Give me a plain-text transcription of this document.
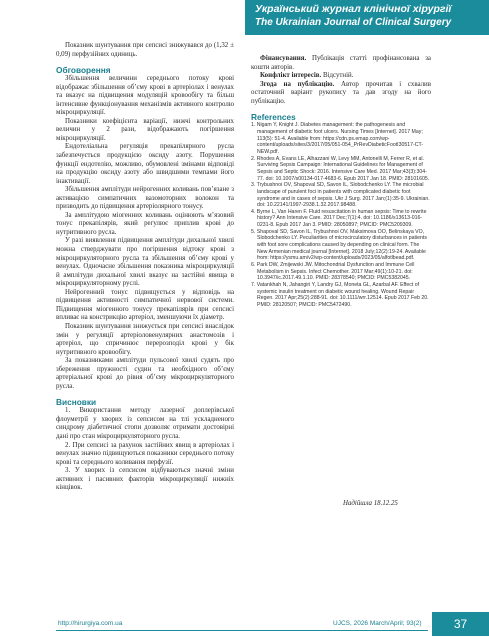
Український журнал клінічної хірургії
The Ukrainian Journal of Clinical Surgery

Показник шунтування при сепсисі знижувався до (1,32 ± 0,09) перфузійних одиниць.

Обговорення

Збільшення величини середнього потоку крові відображає збільшення об’єму крові в артеріолах і венулах та вказує на підвищення модуляцій кровообігу та більш інтенсивне функціонування механізмів активного контролю мікроциркуляції.

Показники коефіцієнта варіації, нижчі контрольних величин у 2 рази, відображають погіршення мікроциркуляції.

Ендотеліальна регуляція прекапілярного русла забезпечується продукцією оксиду азоту. Порушення функції ендотелію, можливо, обумовлені змінами відповіді на продукцію оксиду азоту або швидшими темпами його інактивації.

Збільшення амплітуди нейрогенних коливань пов’язане з активацією симпатичних вазомоторних волокон та призводить до підвищення артеріолярного тонусу.

За амплітудою міогенних коливань оцінюють м’язовий тонус прекапілярів, який регулює приплив крові до нутритивного русла.

У разі виявлення підвищення амплітуди дихальної хвилі можна стверджувати про погіршення відтоку крові з мікроциркуляторного русла та збільшення об’єму крові у венулах. Одночасне збільшення показника мікроциркуляції й амплітуди дихальної хвилі вказує на застійні явища в мікроциркуляторному руслі.

Нейрогенний тонус підвищується у відповідь на підвищення активності симпатичної нервової системи. Підвищення міогенного тонусу прекапілярів при сепсисі впливає на констрикцію артеріол, зменшуючи їх діаметр.

Показник шунтування знижується при сепсисі внаслідок змін у регуляції артеріоловенулярних анастомозів і артеріол, що спричинює перерозподіл крові у бік нутритивного кровообігу.

За показниками амплітуди пульсової хвилі судять про збереження пружності судин та необхідного об’єму артеріальної крові до рівня об’єму мікроциркуляторного русла.

Висновки

1. Використання методу лазерної доплерівської флоуметрії у хворих із сепсисом на тлі ускладненого синдрому діабетичної стопи дозволяє отримати достовірні дані про стан мікроциркуляторного русла.

2. При сепсисі за рахунок застійних явищ в артеріолах і венулах значно підвищуються показники середнього потоку крові та середнього коливання перфузії.

3. У хворих із сепсисом відбуваються значні зміни активних і пасивних факторів мікроциркуляції нижніх кінцівок.

Фінансування. Публікація статті профінансована за кошти авторів.

Конфлікт інтересів. Відсутній.

Згода на публікацію. Автор прочитав і схвалив остаточний варіант рукопису та дав згоду на його публікацію.

References
1. Nigam Y, Knight J. Diabetes management: the pathogenesis and management of diabetic foot ulcers. Nursing Times [Internet]. 2017 May; 113(5): 51-4. Available from: https://cdn.ps.emap.com/wp-content/uploads/sites/3/2017/05/051-054_PrRevDiabeticFootI30517-CT-NEW.pdf.
2. Rhodes A, Evans LE, Alhazzani W, Levy MM, Antonelli M, Ferrer R, et al. Surviving Sepsis Campaign: International Guidelines for Management of Sepsis and Septic Shock: 2016. Intensive Care Med. 2017 Mar;43(3):304-77. doi: 10.1007/s00134-017-4683-6. Epub 2017 Jan 18. PMID: 28101605.
3. Trybushnoi OV, Shapoval SD, Savon IL, Slobodchenko LY. The microbial landscape of purulent foci in patients with complicated diabetic foot syndrome and in cases of sepsis. Ukr J Surg. 2017 Jan;(1):35-9. Ukrainian. doi: 10.22141/1997-2938.1.32.2017.98488.
4. Byrne L, Van Haren F. Fluid resuscitation in human sepsis: Time to rewrite history? Ann Intensive Care. 2017 Dec;7(1):4. doi: 10.1186/s13613-016-0231-8. Epub 2017 Jan 3. PMID: 28050897; PMCID: PMC5209309.
5. Shapoval SD, Savon IL, Trybushnoi OV, Maksimova OO, Belinskaya VO, Slobodchenko LY. Peculiarities of microcirculatory disturbances in patients with foot sore complications caused by depending on clinical form. The New Armenian medical journal [Internet]. 2018 July;12(2):19-24. Available from: https://ysmu.am/v2/wp-content/uploads/2023/05/alfotlbead.pdf.
6. Park DW, Zmijewski JW. Mitochondrial Dysfunction and Immune Cell Metabolism in Sepsis. Infect Chemother. 2017 Mar;49(1):10-21. doi: 10.3947/ic.2017.49.1.10. PMID: 28378540; PMCID: PMC5382045.
7. Vatankhah N, Jahangiri Y, Landry GJ, Moneta GL, Azarbal AF. Effect of systemic insulin treatment on diabetic wound healing. Wound Repair Regen. 2017 Apr;25(2):288-91. doi: 10.1111/wrr.12514. Epub 2017 Feb 20. PMID: 28120507; PMCID: PMC5472490.
Надійшла 18.12.25
http://hirurgiya.com.ua	UJCS, 2026 March/April; 93(2)	37
